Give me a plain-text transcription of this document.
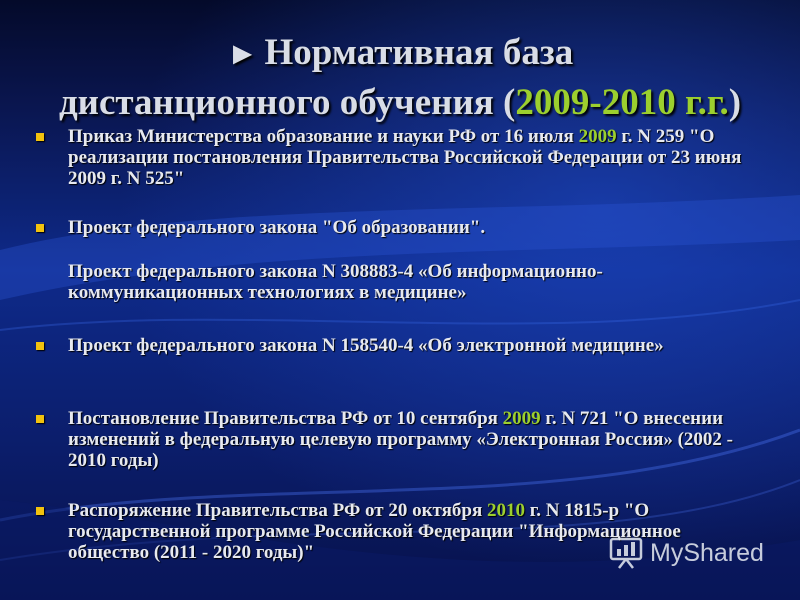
► Нормативная база
дистанционного обучения (2009-2010 г.г.)
Приказ Министерства образование и науки РФ от 16 июля 2009 г. N 259 "О реализации постановления Правительства Российской Федерации от 23 июня 2009 г. N 525"
Проект федерального закона "Об образовании".
Проект федерального закона N 308883-4 «Об информационно-коммуникационных технологиях в медицине»
Проект федерального закона N 158540-4 «Об электронной медицине»
Постановление Правительства РФ от 10 сентября 2009 г. N 721 "О внесении изменений в федеральную целевую программу «Электронная Россия» (2002 - 2010 годы)
Распоряжение Правительства РФ от 20 октября 2010 г. N 1815-р "О государственной программе Российской Федерации "Информационное общество (2011 - 2020 годы)"	MyShared
